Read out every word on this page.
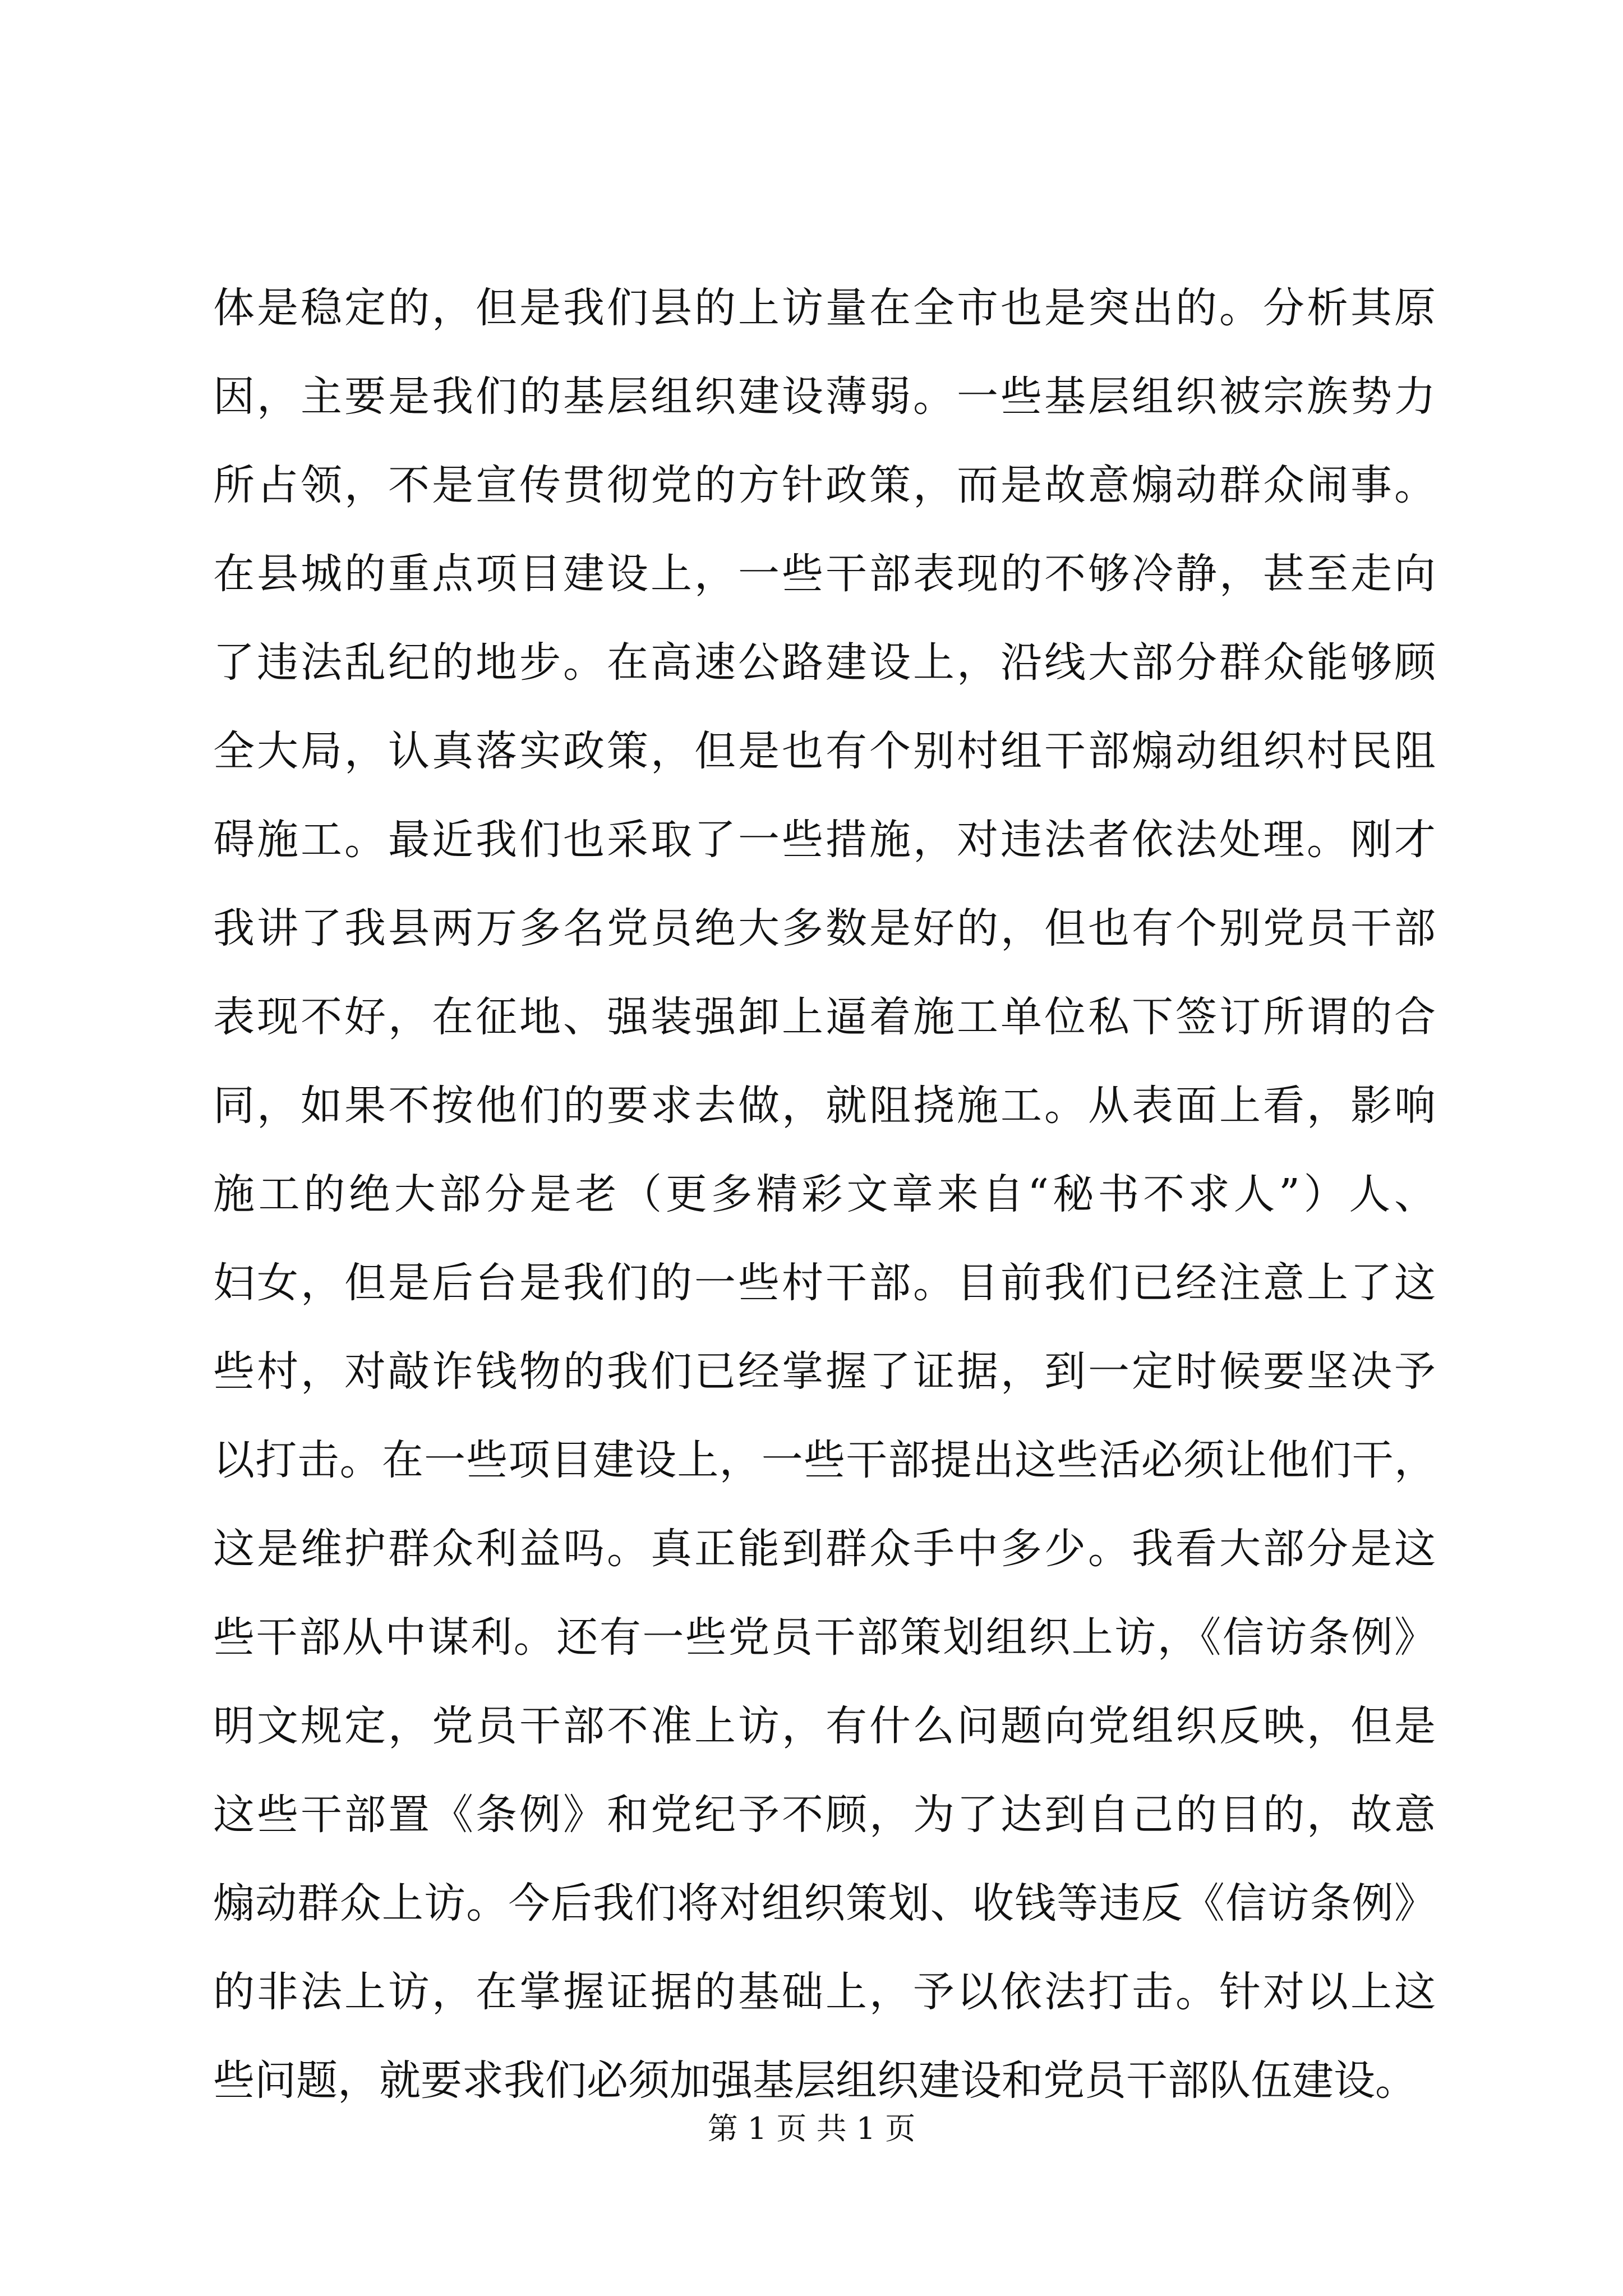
体是稳定的，但是我们县的上访量在全市也是突出的。分析其原
因，主要是我们的基层组织建设薄弱。一些基层组织被宗族势力
所占领，不是宣传贯彻党的方针政策，而是故意煽动群众闹事。
在县城的重点项目建设上，一些干部表现的不够冷静，甚至走向
了违法乱纪的地步。在高速公路建设上，沿线大部分群众能够顾
全大局，认真落实政策，但是也有个别村组干部煽动组织村民阻
碍施工。最近我们也采取了一些措施，对违法者依法处理。刚才
我讲了我县两万多名党员绝大多数是好的，但也有个别党员干部
表现不好，在征地、强装强卸上逼着施工单位私下签订所谓的合
同，如果不按他们的要求去做，就阻挠施工。从表面上看，影响
施工的绝大部分是老（更多精彩文章来自“秘书不求人”）人、
妇女，但是后台是我们的一些村干部。目前我们已经注意上了这
些村，对敲诈钱物的我们已经掌握了证据，到一定时候要坚决予
以打击。在一些项目建设上，一些干部提出这些活必须让他们干，
这是维护群众利益吗。真正能到群众手中多少。我看大部分是这
些干部从中谋利。还有一些党员干部策划组织上访，《信访条例》
明文规定，党员干部不准上访，有什么问题向党组织反映，但是
这些干部置《条例》和党纪予不顾，为了达到自己的目的，故意
煽动群众上访。今后我们将对组织策划、收钱等违反《信访条例》
的非法上访，在掌握证据的基础上，予以依法打击。针对以上这
些问题，就要求我们必须加强基层组织建设和党员干部队伍建设。
第 1 页 共 1 页
